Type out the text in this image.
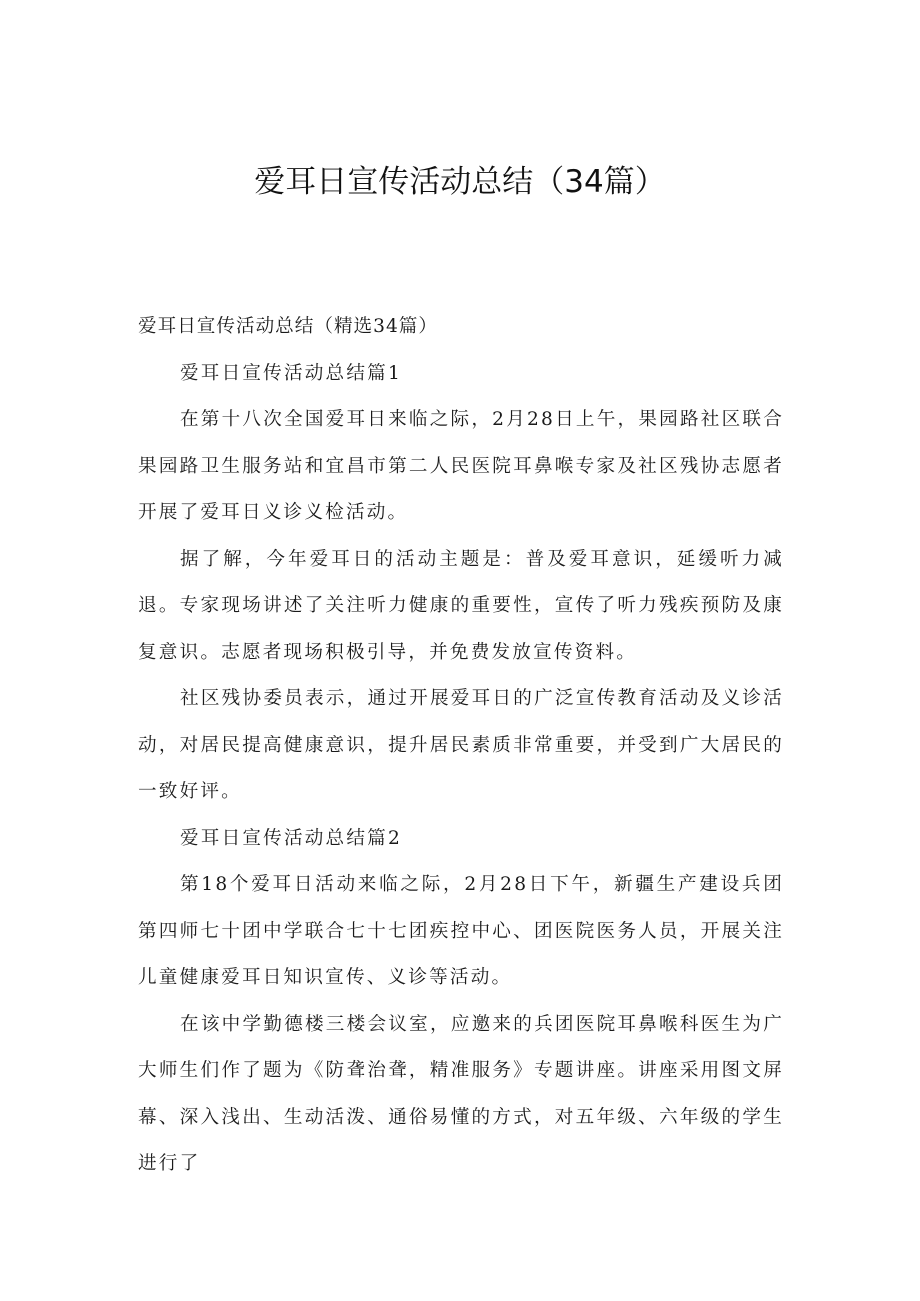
爱耳日宣传活动总结（34篇）

爱耳日宣传活动总结（精选34篇）

爱耳日宣传活动总结篇1

在第十八次全国爱耳日来临之际，2月28日上午，果园路社区联合果园路卫生服务站和宜昌市第二人民医院耳鼻喉专家及社区残协志愿者开展了爱耳日义诊义检活动。

据了解，今年爱耳日的活动主题是：普及爱耳意识，延缓听力减退。专家现场讲述了关注听力健康的重要性，宣传了听力残疾预防及康复意识。志愿者现场积极引导，并免费发放宣传资料。

社区残协委员表示，通过开展爱耳日的广泛宣传教育活动及义诊活动，对居民提高健康意识，提升居民素质非常重要，并受到广大居民的一致好评。

爱耳日宣传活动总结篇2

第18个爱耳日活动来临之际，2月28日下午，新疆生产建设兵团第四师七十团中学联合七十七团疾控中心、团医院医务人员，开展关注儿童健康爱耳日知识宣传、义诊等活动。

在该中学勤德楼三楼会议室，应邀来的兵团医院耳鼻喉科医生为广大师生们作了题为《防聋治聋，精准服务》专题讲座。讲座采用图文屏幕、深入浅出、生动活泼、通俗易懂的方式，对五年级、六年级的学生进行了
